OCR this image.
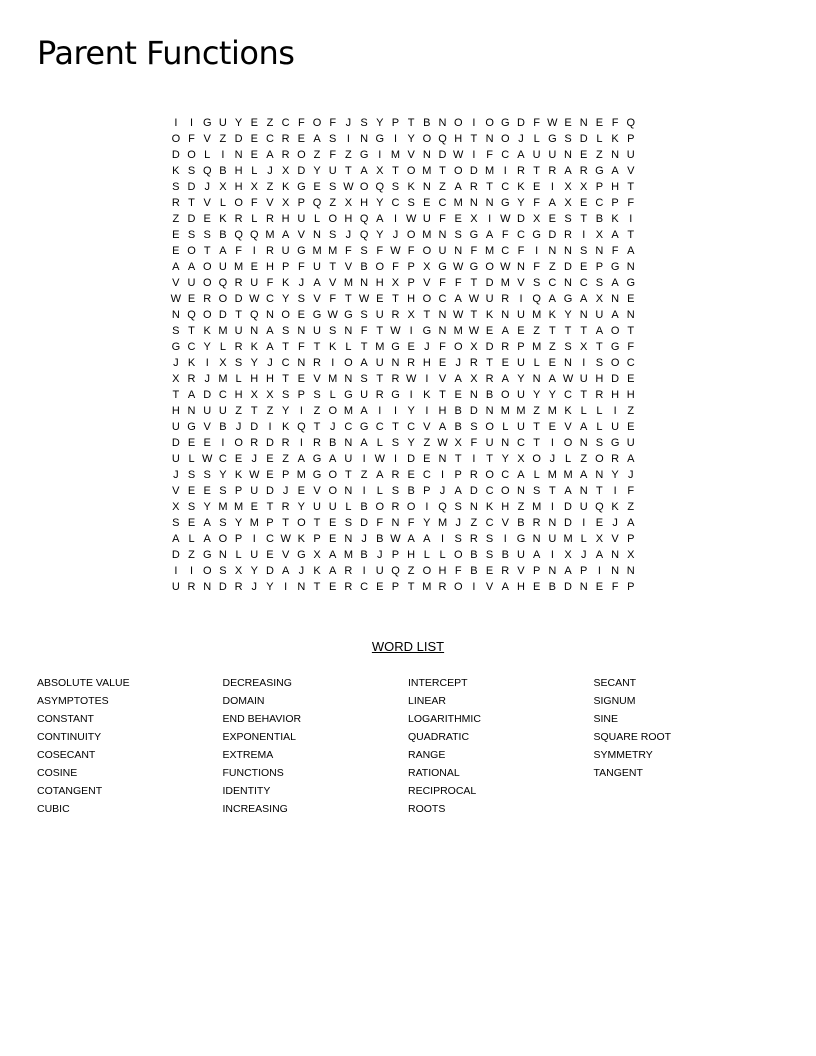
Parent Functions
I	I G U Y E Z C F O F J S Y P T B N O I O G D F W E N E F Q
O F V Z D E C R E A S I N G I Y O Q H T N O J L G S D L K P
D O L	I N E A R O Z F Z G I M V N D W I F C A U U N E Z N U
K S Q B H L J X D Y U T A X T O M T O D M I R T R A R G A V
S D J X H X Z K G E S W O Q S K N Z A R T C K E I X X P H T
R T V L O F V X P Q Z X H Y C S E C M N N G Y F A X E C P F
Z D E K R L R H U L O H Q A I W U F E X I W D X E S T B K I
E S S B Q Q M A V N S J Q Y J O M N S G A F C G D R I X A T
E O T A F I R U G M M F S F W F O U N F M C F I N N S N F A
A A O U M E H P F U T V B O F P X G W G O W N F Z D E P G N
V U O Q R U F K J A V M N H X P V F F T D M V S C N C S A G
W E R O D W C Y S V F T W E T H O C A W U R I Q A G A X N E
N Q O D T Q N O E G W G S U R X T N W T K N U M K Y N U A N
S T K M U N A S N U S N F T W I G N M W E A E Z T T T A O T
G C Y L R K A T F T K L T M G E J F O X D R P M Z S X T G F
J K I X S Y J C N R I O A U N R H E J R T E U L E N I S O C
X R J M L H H T E V M N S T R W I V A X R A Y N A W U H D E
T A D C H X X S P S L G U R G I K T E N B O U Y Y C T R H H
H N U U Z T Z Y I Z O M A I	I Y I H B D N M M Z M K L L	I Z
U G V B J D I K Q T J C G C T C V A B S O L U T E V A L U E
D E E I O R D R I R B N A L S Y Z W X F U N C T I O N S G U
U L W C E J E Z A G A U I W I D E N T I T Y X O J L Z O R A
J S S Y K W E P M G O T Z A R E C I P R O C A L M M A N Y J
V E E S P U D J E V O N I	L S B P J A D C O N S T A N T I F
X S Y M M E T R Y U U L B O R O I Q S N K H Z M I D U Q K Z
S E A S Y M P T O T E S D F N F Y M J Z C V B R N D I E J A
A L A O P I C W K P E N J B W A A I S R S I G N U M L X V P
D Z G N L U E V G X A M B J P H L L O B S B U A I X J A N X
I	I O S X Y D A J K A R I U Q Z O H F B E R V P N A P I N N
U R N D R J Y I N T E R C E P T M R O I V A H E B D N E F P
WORD LIST
ABSOLUTE VALUE
ASYMPTOTES
CONSTANT
CONTINUITY
COSECANT
COSINE
COTANGENT
CUBIC
DECREASING
DOMAIN
END BEHAVIOR
EXPONENTIAL
EXTREMA
FUNCTIONS
IDENTITY
INCREASING
INTERCEPT
LINEAR
LOGARITHMIC
QUADRATIC
RANGE
RATIONAL
RECIPROCAL
ROOTS
SECANT
SIGNUM
SINE
SQUARE ROOT
SYMMETRY
TANGENT
